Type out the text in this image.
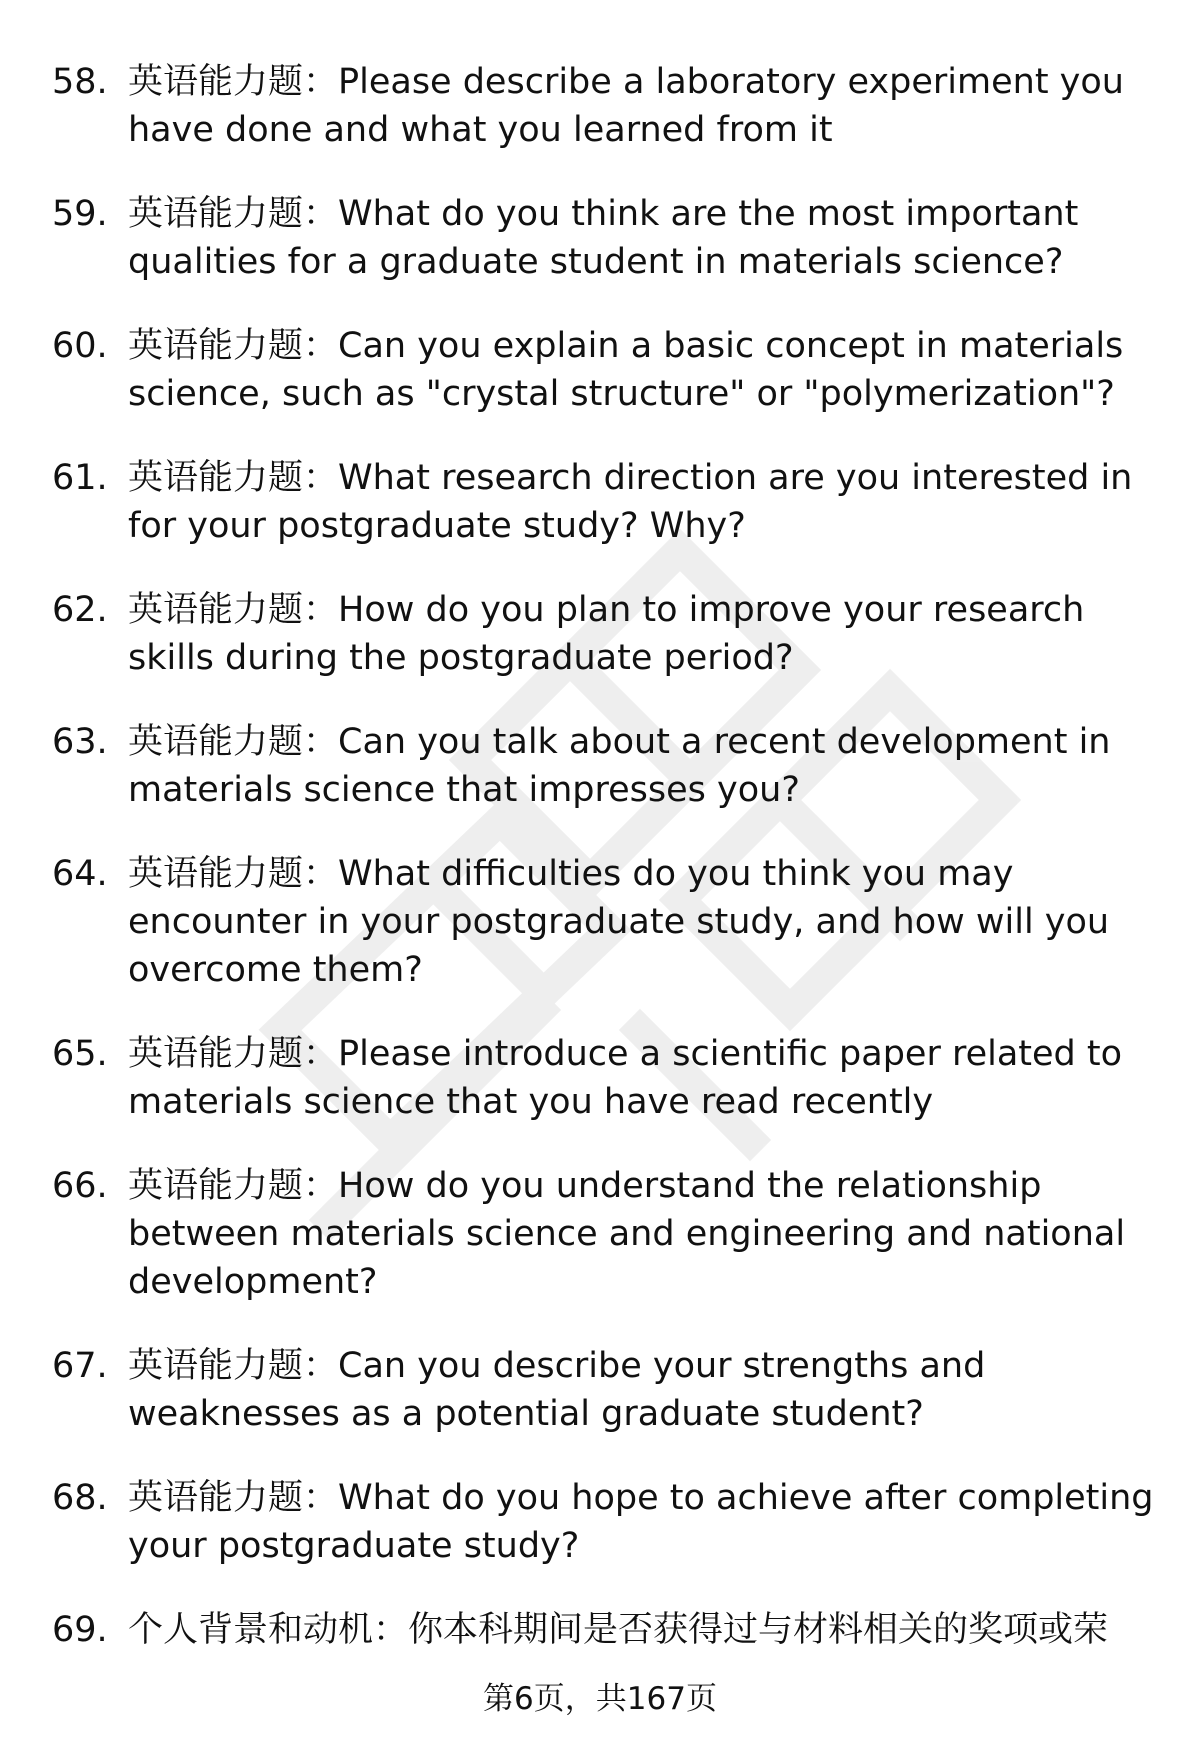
58. 英语能力题：Please describe a laboratory experiment you have done and what you learned from it
59. 英语能力题：What do you think are the most important qualities for a graduate student in materials science?
60. 英语能力题：Can you explain a basic concept in materials science, such as "crystal structure" or "polymerization"?
61. 英语能力题：What research direction are you interested in for your postgraduate study? Why?
62. 英语能力题：How do you plan to improve your research skills during the postgraduate period?
63. 英语能力题：Can you talk about a recent development in materials science that impresses you?
64. 英语能力题：What difficulties do you think you may encounter in your postgraduate study, and how will you overcome them?
65. 英语能力题：Please introduce a scientific paper related to materials science that you have read recently
66. 英语能力题：How do you understand the relationship between materials science and engineering and national development?
67. 英语能力题：Can you describe your strengths and weaknesses as a potential graduate student?
68. 英语能力题：What do you hope to achieve after completing your postgraduate study?
69. 个人背景和动机：你本科期间是否获得过与材料相关的奖项或荣
第6页，共167页
